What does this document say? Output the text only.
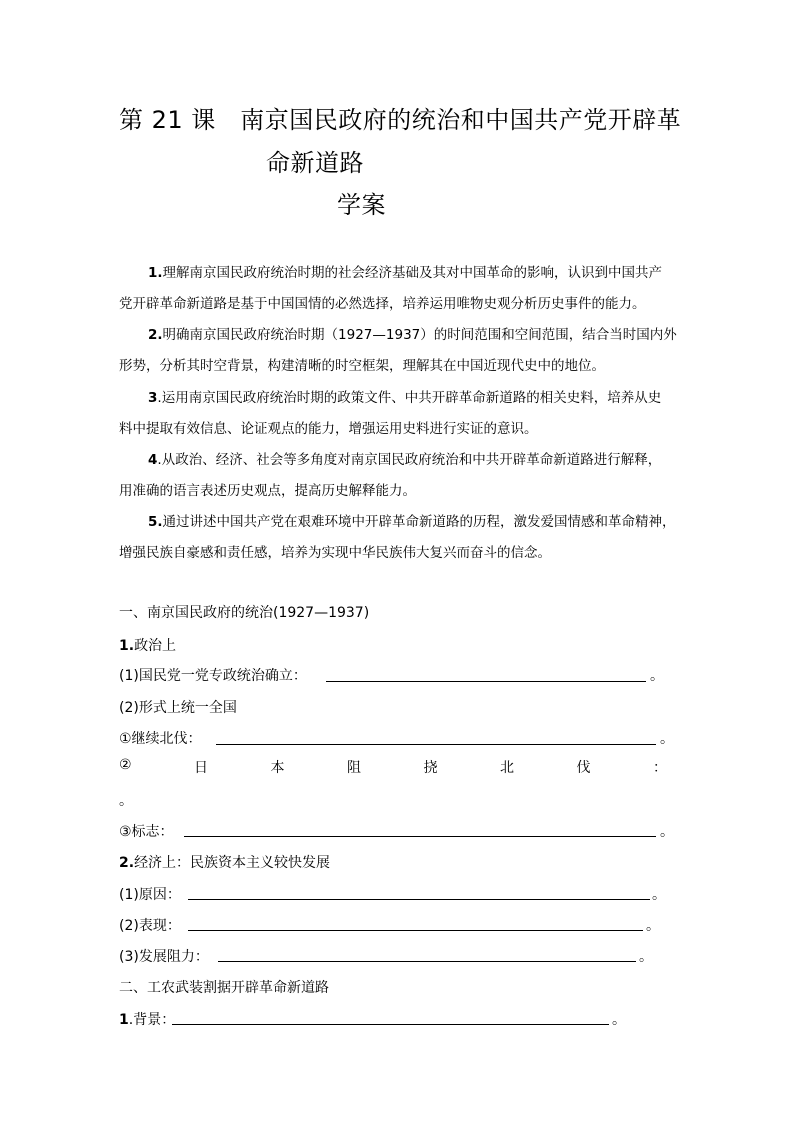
第 21 课　南京国民政府的统治和中国共产党开辟革
命新道路
学案
1.理解南京国民政府统治时期的社会经济基础及其对中国革命的影响，认识到中国共产
党开辟革命新道路是基于中国国情的必然选择，培养运用唯物史观分析历史事件的能力。
2.明确南京国民政府统治时期（1927—1937）的时间范围和空间范围，结合当时国内外
形势，分析其时空背景，构建清晰的时空框架，理解其在中国近现代史中的地位。
3.运用南京国民政府统治时期的政策文件、中共开辟革命新道路的相关史料，培养从史
料中提取有效信息、论证观点的能力，增强运用史料进行实证的意识。
4.从政治、经济、社会等多角度对南京国民政府统治和中共开辟革命新道路进行解释，
用准确的语言表述历史观点，提高历史解释能力。
5.通过讲述中国共产党在艰难环境中开辟革命新道路的历程，激发爱国情感和革命精神，
增强民族自豪感和责任感，培养为实现中华民族伟大复兴而奋斗的信念。
一、南京国民政府的统治(1927—1937)
1.政治上
(1)国民党一党专政统治确立：	。
(2)形式上统一全国
①继续北伐：	。
②	日	本	阻	挠	北	伐	：
。
③标志：	。
2.经济上：民族资本主义较快发展
(1)原因：	。
(2)表现：	。
(3)发展阻力：	。
二、工农武装割据开辟革命新道路
1.背景：	。
